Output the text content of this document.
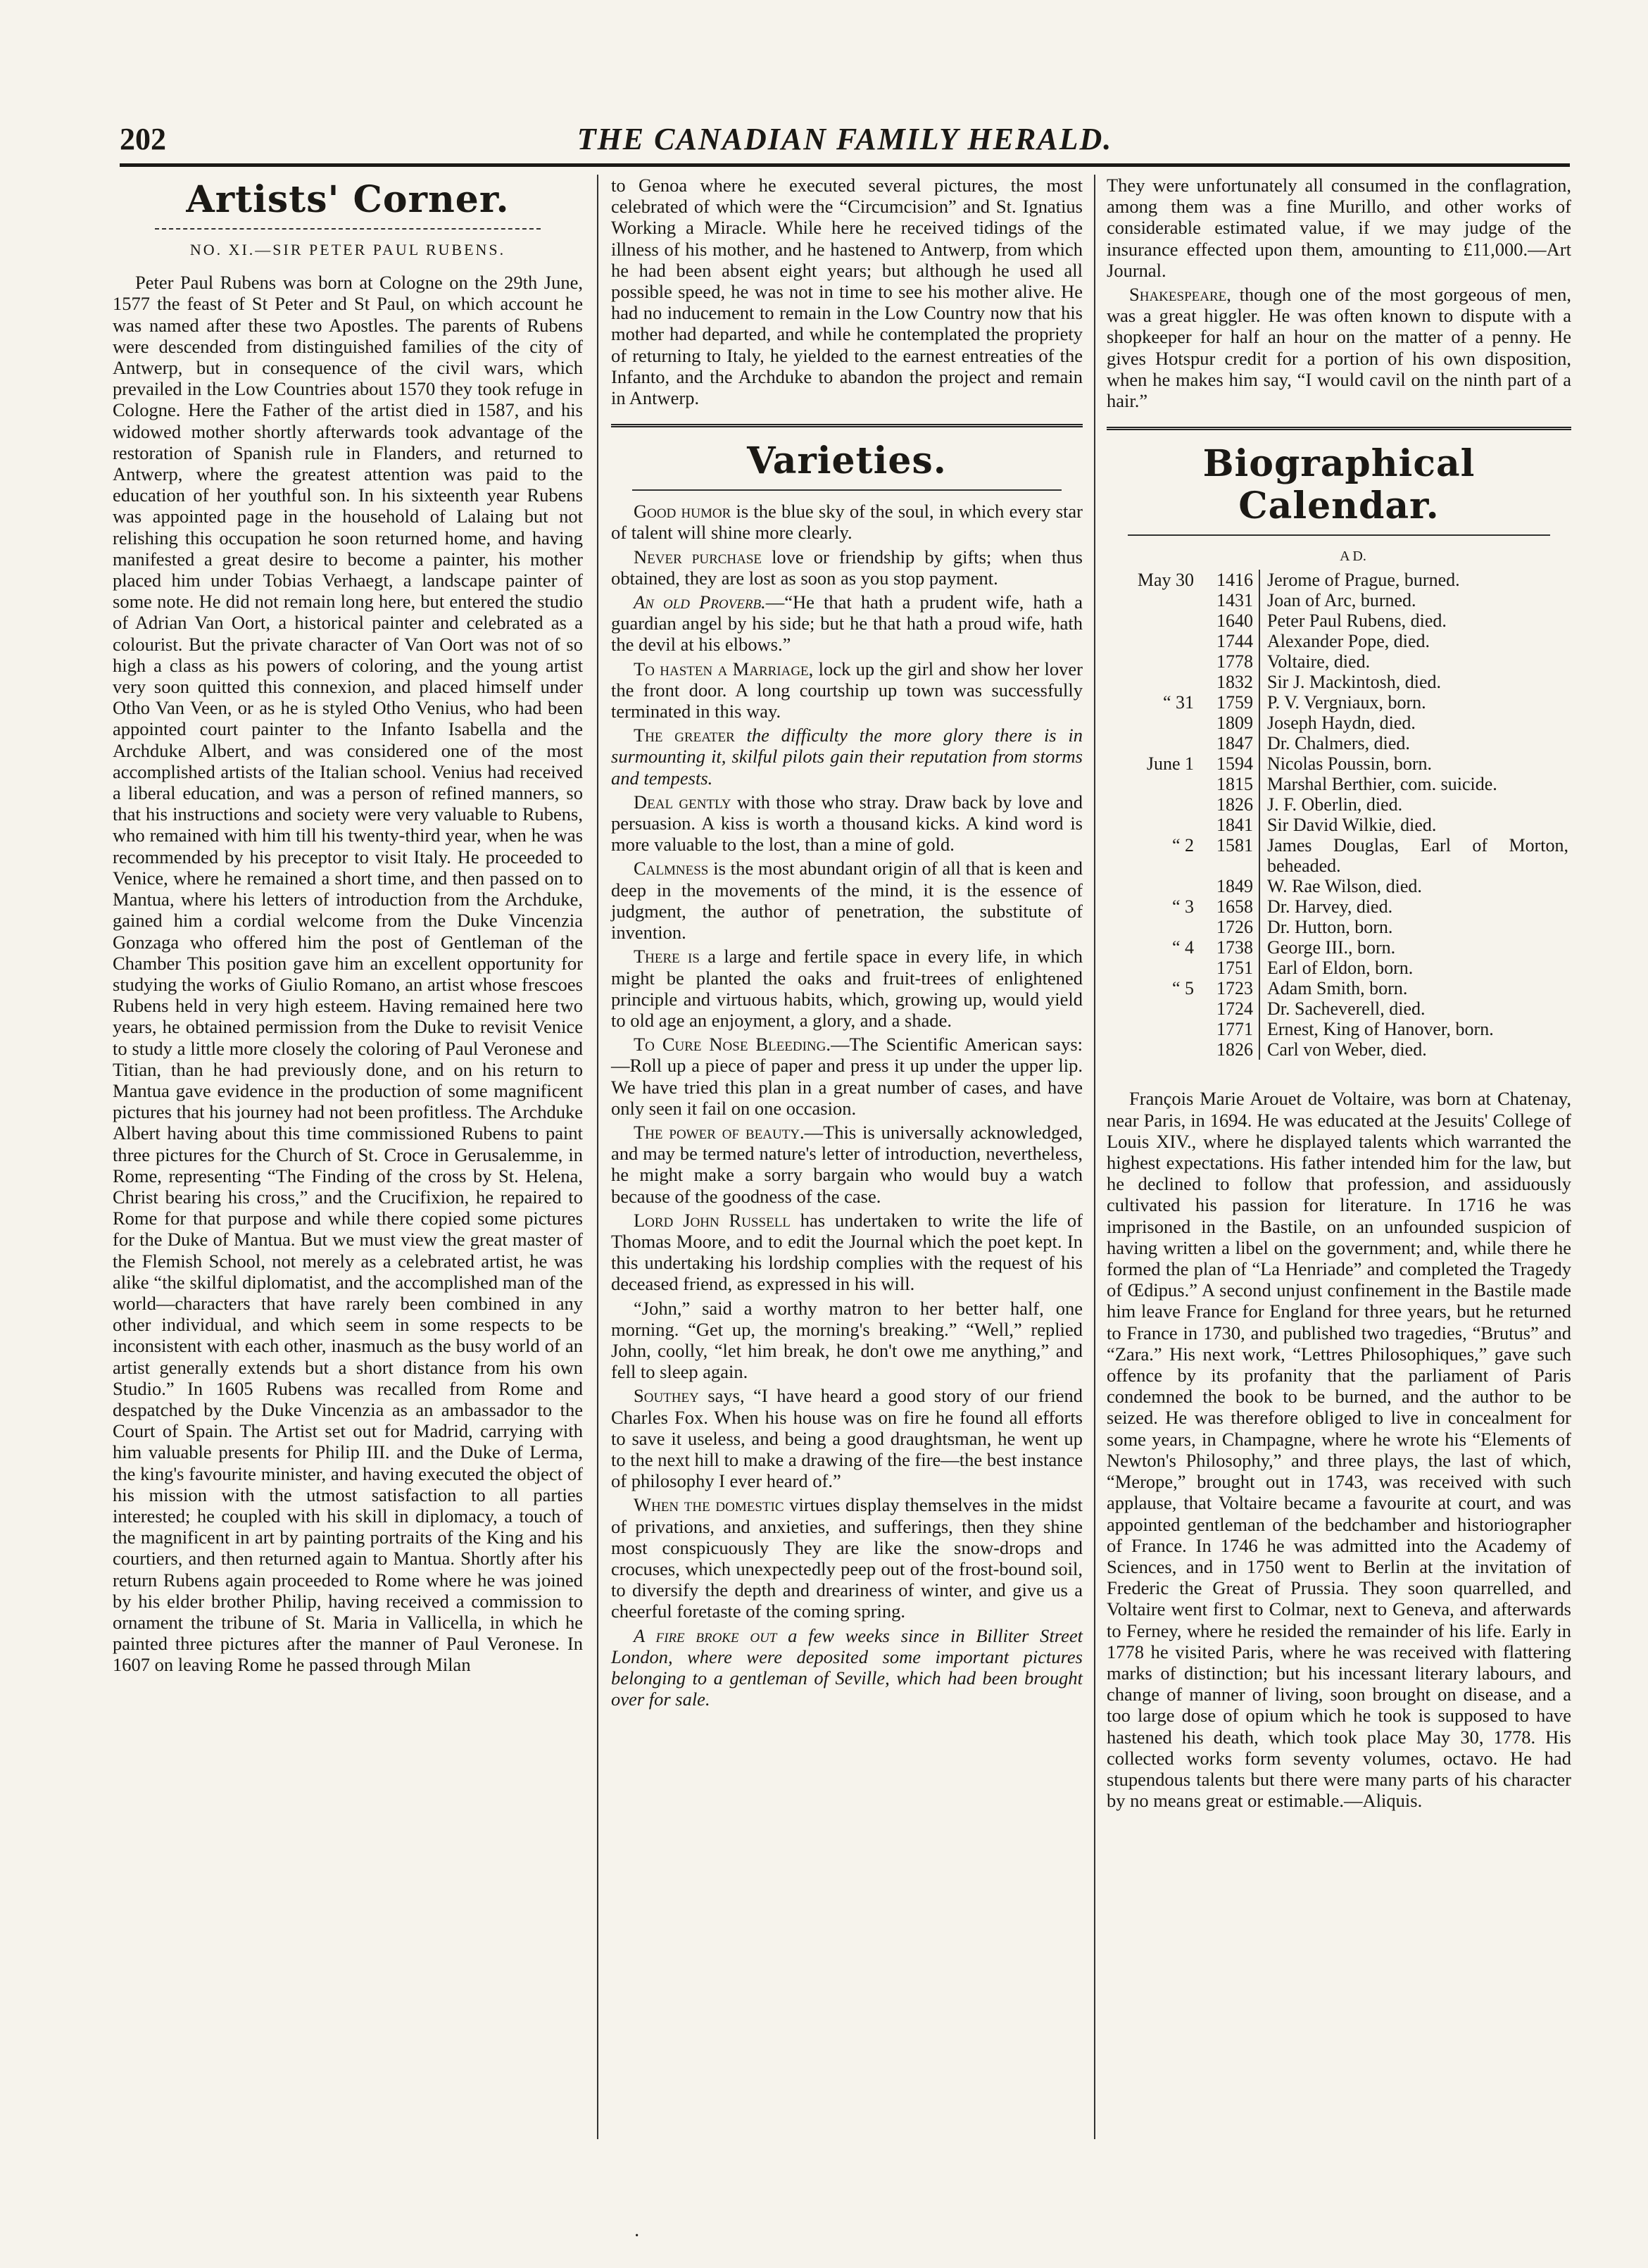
202	THE CANADIAN FAMILY HERALD.
Artists' Corner.
NO. XI.—SIR PETER PAUL RUBENS.

Peter Paul Rubens was born at Cologne on the 29th June, 1577 the feast of St Peter and St Paul, on which account he was named after these two Apostles. The parents of Rubens were descended from distinguished families of the city of Antwerp, but in consequence of the civil wars, which prevailed in the Low Countries about 1570 they took refuge in Cologne. Here the Father of the artist died in 1587, and his widowed mother shortly afterwards took advantage of the restoration of Spanish rule in Flanders, and returned to Antwerp, where the greatest attention was paid to the education of her youthful son. In his sixteenth year Rubens was appointed page in the household of Lalaing but not relishing this occupation he soon returned home, and having manifested a great desire to become a painter, his mother placed him under Tobias Verhaegt, a landscape painter of some note. He did not remain long here, but entered the studio of Adrian Van Oort, a historical painter and celebrated as a colourist. But the private character of Van Oort was not of so high a class as his powers of coloring, and the young artist very soon quitted this connexion, and placed himself under Otho Van Veen, or as he is styled Otho Venius, who had been appointed court painter to the Infanto Isabella and the Archduke Albert, and was considered one of the most accomplished artists of the Italian school. Venius had received a liberal education, and was a person of refined manners, so that his instructions and society were very valuable to Rubens, who remained with him till his twenty-third year, when he was recommended by his preceptor to visit Italy. He proceeded to Venice, where he remained a short time, and then passed on to Mantua, where his letters of introduction from the Archduke, gained him a cordial welcome from the Duke Vincenzia Gonzaga who offered him the post of Gentleman of the Chamber This position gave him an excellent opportunity for studying the works of Giulio Romano, an artist whose frescoes Rubens held in very high esteem. Having remained here two years, he obtained permission from the Duke to revisit Venice to study a little more closely the coloring of Paul Veronese and Titian, than he had previously done, and on his return to Mantua gave evidence in the production of some magnificent pictures that his journey had not been profitless. The Archduke Albert having about this time commissioned Rubens to paint three pictures for the Church of St. Croce in Gerusalemme, in Rome, representing “The Finding of the cross by St. Helena, Christ bearing his cross,” and the Crucifixion, he repaired to Rome for that purpose and while there copied some pictures for the Duke of Mantua. But we must view the great master of the Flemish School, not merely as a celebrated artist, he was alike “the skilful diplomatist, and the accomplished man of the world—characters that have rarely been combined in any other individual, and which seem in some respects to be inconsistent with each other, inasmuch as the busy world of an artist generally extends but a short distance from his own Studio.” In 1605 Rubens was recalled from Rome and despatched by the Duke Vincenzia as an ambassador to the Court of Spain. The Artist set out for Madrid, carrying with him valuable presents for Philip III. and the Duke of Lerma, the king's favourite minister, and having executed the object of his mission with the utmost satisfaction to all parties interested; he coupled with his skill in diplomacy, a touch of the magnificent in art by painting portraits of the King and his courtiers, and then returned again to Mantua. Shortly after his return Rubens again proceeded to Rome where he was joined by his elder brother Philip, having received a commission to ornament the tribune of St. Maria in Vallicella, in which he painted three pictures after the manner of Paul Veronese. In 1607 on leaving Rome he passed through Milan

to Genoa where he executed several pictures, the most celebrated of which were the “Circumcision” and St. Ignatius Working a Miracle. While here he received tidings of the illness of his mother, and he hastened to Antwerp, from which he had been absent eight years; but although he used all possible speed, he was not in time to see his mother alive. He had no inducement to remain in the Low Country now that his mother had departed, and while he contemplated the propriety of returning to Italy, he yielded to the earnest entreaties of the Infanto, and the Archduke to abandon the project and remain in Antwerp.

Varieties.

Good humor is the blue sky of the soul, in which every star of talent will shine more clearly.

Never purchase love or friendship by gifts; when thus obtained, they are lost as soon as you stop payment.

An old Proverb.—“He that hath a prudent wife, hath a guardian angel by his side; but he that hath a proud wife, hath the devil at his elbows.”

To hasten a Marriage, lock up the girl and show her lover the front door. A long courtship up town was successfully terminated in this way.

The greater the difficulty the more glory there is in surmounting it, skilful pilots gain their reputation from storms and tempests.

Deal gently with those who stray. Draw back by love and persuasion. A kiss is worth a thousand kicks. A kind word is more valuable to the lost, than a mine of gold.

Calmness is the most abundant origin of all that is keen and deep in the movements of the mind, it is the essence of judgment, the author of penetration, the substitute of invention.

There is a large and fertile space in every life, in which might be planted the oaks and fruit-trees of enlightened principle and virtuous habits, which, growing up, would yield to old age an enjoyment, a glory, and a shade.

To Cure Nose Bleeding.—The Scientific American says:—Roll up a piece of paper and press it up under the upper lip. We have tried this plan in a great number of cases, and have only seen it fail on one occasion.

The power of beauty.—This is universally acknowledged, and may be termed nature's letter of introduction, nevertheless, he might make a sorry bargain who would buy a watch because of the goodness of the case.

Lord John Russell has undertaken to write the life of Thomas Moore, and to edit the Journal which the poet kept. In this undertaking his lordship complies with the request of his deceased friend, as expressed in his will.

“John,” said a worthy matron to her better half, one morning. “Get up, the morning's breaking.” “Well,” replied John, coolly, “let him break, he don't owe me anything,” and fell to sleep again.

Southey says, “I have heard a good story of our friend Charles Fox. When his house was on fire he found all efforts to save it useless, and being a good draughtsman, he went up to the next hill to make a drawing of the fire—the best instance of philosophy I ever heard of.”

When the domestic virtues display themselves in the midst of privations, and anxieties, and sufferings, then they shine most conspicuously They are like the snow-drops and crocuses, which unexpectedly peep out of the frost-bound soil, to diversify the depth and dreariness of winter, and give us a cheerful foretaste of the coming spring.

A fire broke out a few weeks since in Billiter Street London, where were deposited some important pictures belonging to a gentleman of Seville, which had been brought over for sale.

They were unfortunately all consumed in the conflagration, among them was a fine Murillo, and other works of considerable estimated value, if we may judge of the insurance effected upon them, amounting to £11,000.—Art Journal.

Shakespeare, though one of the most gorgeous of men, was a great higgler. He was often known to dispute with a shopkeeper for half an hour on the matter of a penny. He gives Hotspur credit for a portion of his own disposition, when he makes him say, “I would cavil on the ninth part of a hair.”

Biographical Calendar.
A D.
May 30	1416	Jerome of Prague, burned.
	1431	Joan of Arc, burned.
	1640	Peter Paul Rubens, died.
	1744	Alexander Pope, died.
	1778	Voltaire, died.
	1832	Sir J. Mackintosh, died.
“ 31	1759	P. V. Vergniaux, born.
	1809	Joseph Haydn, died.
	1847	Dr. Chalmers, died.
June 1	1594	Nicolas Poussin, born.
	1815	Marshal Berthier, com. suicide.
	1826	J. F. Oberlin, died.
	1841	Sir David Wilkie, died.
“ 2	1581	James Douglas, Earl of Morton, beheaded.
	1849	W. Rae Wilson, died.
“ 3	1658	Dr. Harvey, died.
	1726	Dr. Hutton, born.
“ 4	1738	George III., born.
	1751	Earl of Eldon, born.
“ 5	1723	Adam Smith, born.
	1724	Dr. Sacheverell, died.
	1771	Ernest, King of Hanover, born.
	1826	Carl von Weber, died.

François Marie Arouet de Voltaire, was born at Chatenay, near Paris, in 1694. He was educated at the Jesuits' College of Louis XIV., where he displayed talents which warranted the highest expectations. His father intended him for the law, but he declined to follow that profession, and assiduously cultivated his passion for literature. In 1716 he was imprisoned in the Bastile, on an unfounded suspicion of having written a libel on the government; and, while there he formed the plan of “La Henriade” and completed the Tragedy of Œdipus.” A second unjust confinement in the Bastile made him leave France for England for three years, but he returned to France in 1730, and published two tragedies, “Brutus” and “Zara.” His next work, “Lettres Philosophiques,” gave such offence by its profanity that the parliament of Paris condemned the book to be burned, and the author to be seized. He was therefore obliged to live in concealment for some years, in Champagne, where he wrote his “Elements of Newton's Philosophy,” and three plays, the last of which, “Merope,” brought out in 1743, was received with such applause, that Voltaire became a favourite at court, and was appointed gentleman of the bedchamber and historiographer of France. In 1746 he was admitted into the Academy of Sciences, and in 1750 went to Berlin at the invitation of Frederic the Great of Prussia. They soon quarrelled, and Voltaire went first to Colmar, next to Geneva, and afterwards to Ferney, where he resided the remainder of his life. Early in 1778 he visited Paris, where he was received with flattering marks of distinction; but his incessant literary labours, and change of manner of living, soon brought on disease, and a too large dose of opium which he took is supposed to have hastened his death, which took place May 30, 1778. His collected works form seventy volumes, octavo. He had stupendous talents but there were many parts of his character by no means great or estimable.—Aliquis.

·
